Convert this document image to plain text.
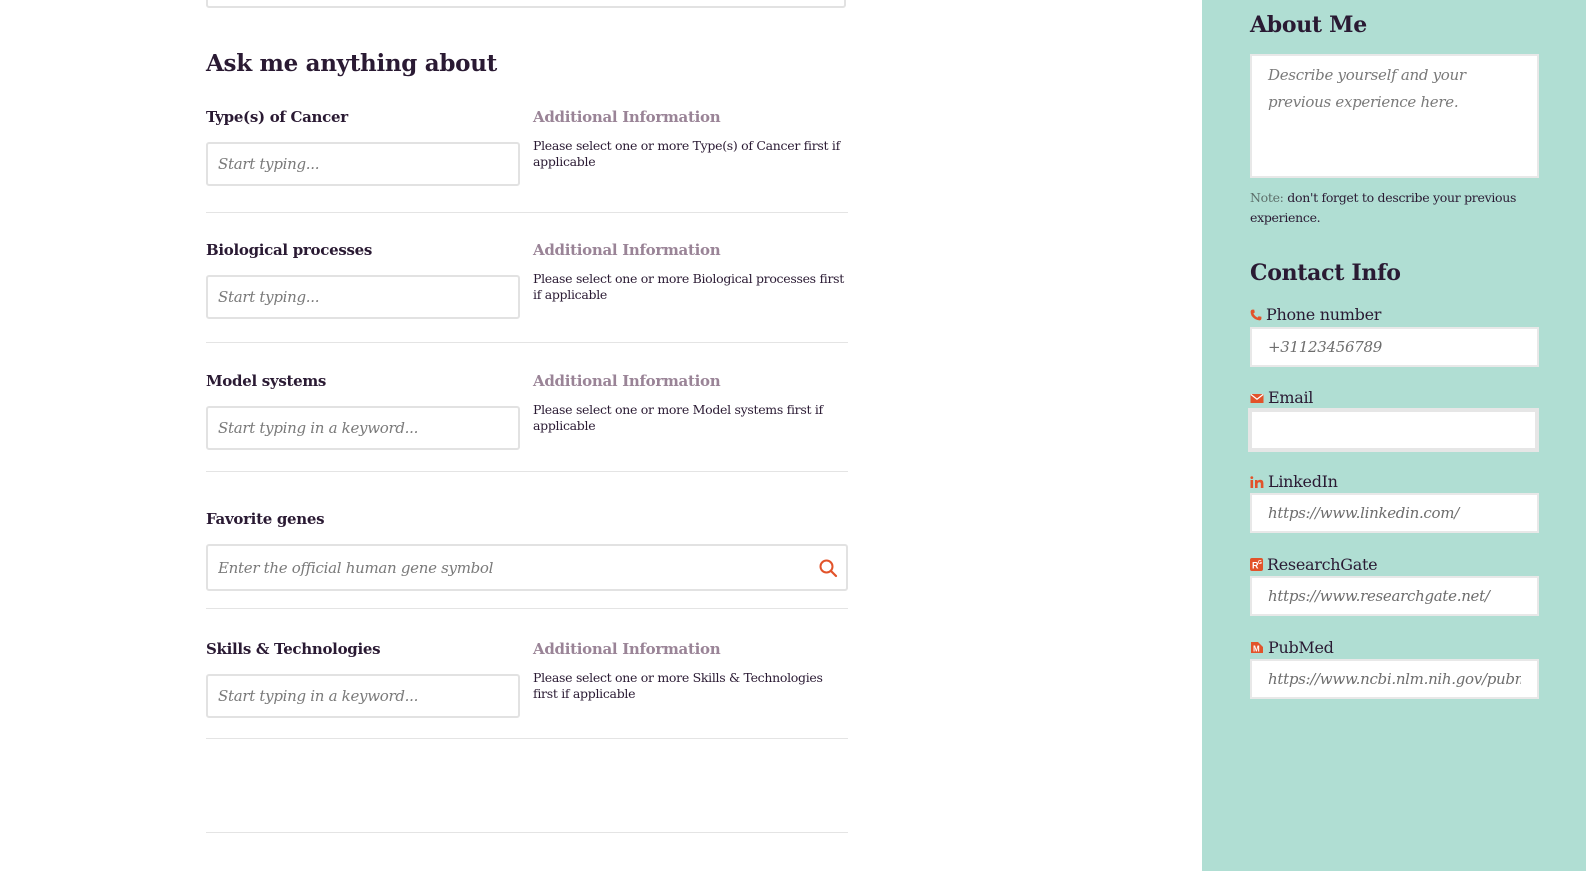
Ask me anything about

Type(s) of Cancer

Start typing...	Additional Information

Please select one or more Type(s) of Cancer first if applicable

Biological processes

Start typing...	Additional Information

Please select one or more Biological processes first if applicable

Model systems

Start typing in a keyword...	Additional Information

Please select one or more Model systems first if applicable

Favorite genes

Enter the official human gene symbol

Skills & Technologies

Start typing in a keyword...	Additional Information

Please select one or more Skills & Technologies first if applicable

About Me
Describe yourself and your previous experience here.

Note: don't forget to describe your previous experience.

Contact Info
Phone number
+31123456789
Email
LinkedIn
https://www.linkedin.com/
R G ResearchGate
https://www.researchgate.net/
M PubMed
https://www.ncbi.nlm.nih.gov/pubmed/
